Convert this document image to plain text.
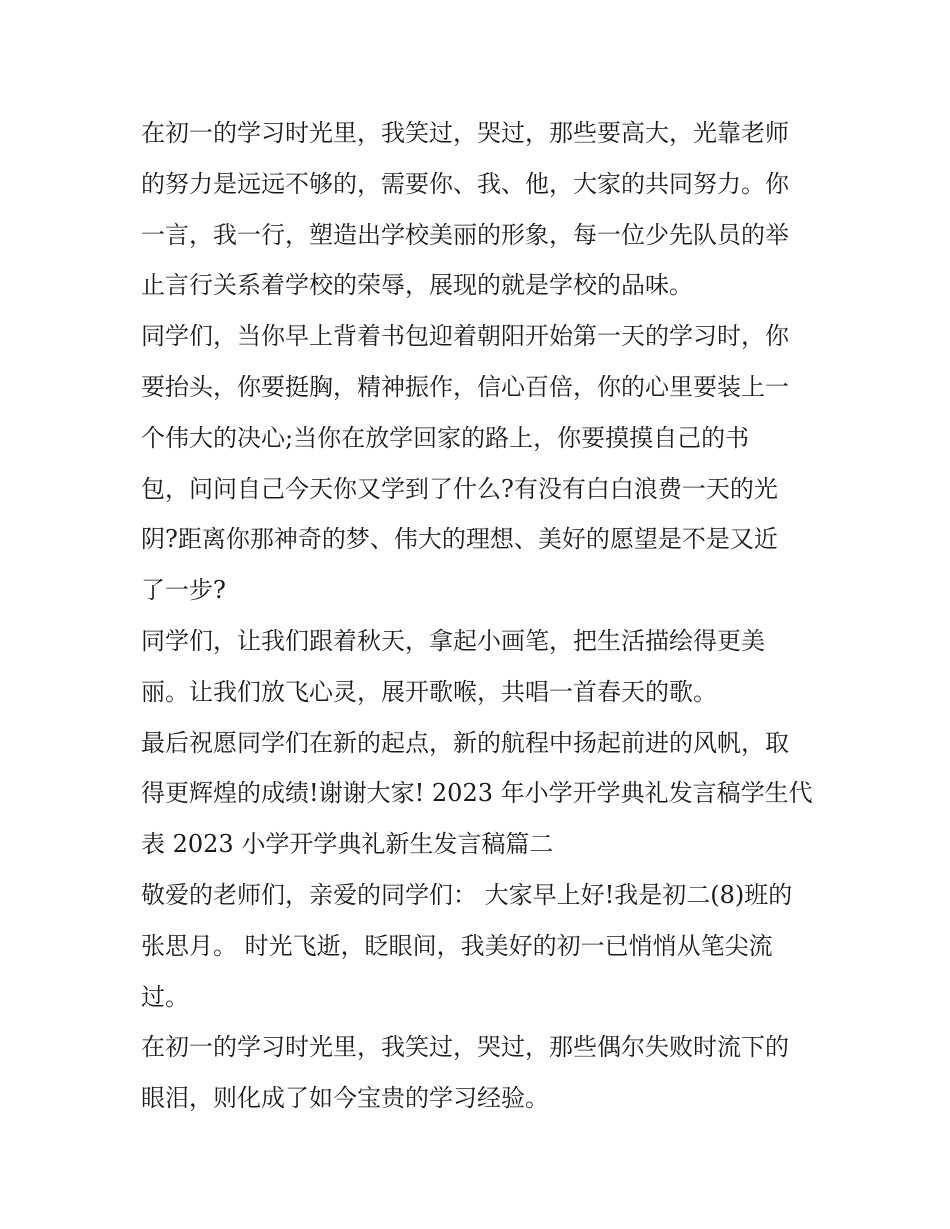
在初一的学习时光里，我笑过，哭过，那些要高大，光靠老师
的努力是远远不够的，需要你、我、他，大家的共同努力。你
一言，我一行，塑造出学校美丽的形象，每一位少先队员的举
止言行关系着学校的荣辱，展现的就是学校的品味。
同学们，当你早上背着书包迎着朝阳开始第一天的学习时，你
要抬头，你要挺胸，精神振作，信心百倍，你的心里要装上一
个伟大的决心;当你在放学回家的路上，你要摸摸自己的书
包，问问自己今天你又学到了什么?有没有白白浪费一天的光
阴?距离你那神奇的梦、伟大的理想、美好的愿望是不是又近
了一步?
同学们，让我们跟着秋天，拿起小画笔，把生活描绘得更美
丽。让我们放飞心灵，展开歌喉，共唱一首春天的歌。
最后祝愿同学们在新的起点，新的航程中扬起前进的风帆，取
得更辉煌的成绩!谢谢大家! 2023 年小学开学典礼发言稿学生代
表 2023 小学开学典礼新生发言稿篇二
敬爱的老师们，亲爱的同学们： 大家早上好!我是初二(8)班的
张思月。 时光飞逝，眨眼间，我美好的初一已悄悄从笔尖流
过。
在初一的学习时光里，我笑过，哭过，那些偶尔失败时流下的
眼泪，则化成了如今宝贵的学习经验。
